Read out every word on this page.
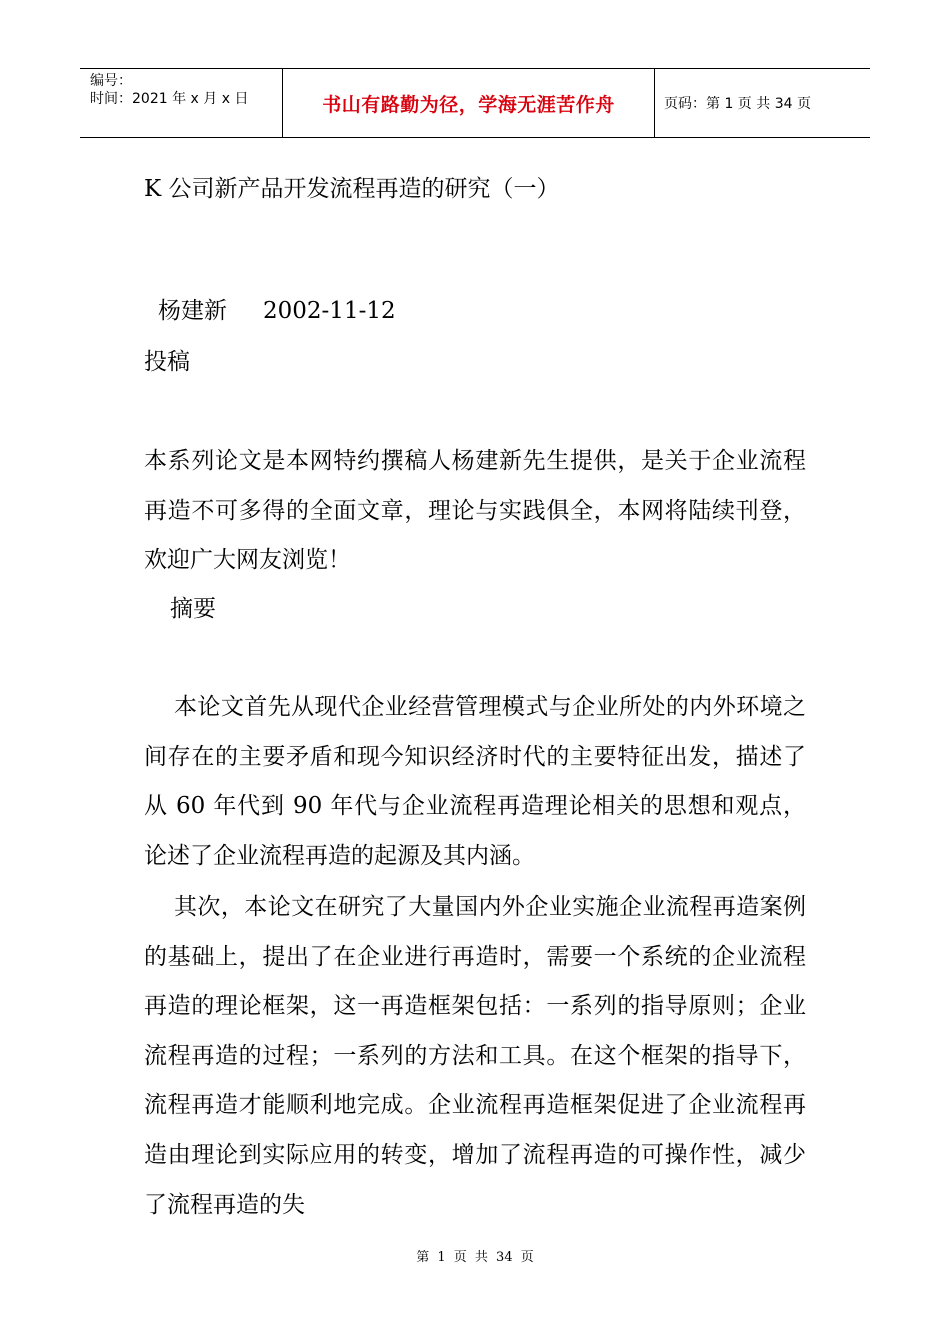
编号：
时间：2021 年 x 月 x 日	书山有路勤为径，学海无涯苦作舟	页码：第 1 页 共 34 页
K 公司新产品开发流程再造的研究（一）
杨建新 2002-11-12
投稿

本系列论文是本网特约撰稿人杨建新先生提供，是关于企业流程再造不可多得的全面文章，理论与实践俱全，本网将陆续刊登，欢迎广大网友浏览！

摘要

本论文首先从现代企业经营管理模式与企业所处的内外环境之间存在的主要矛盾和现今知识经济时代的主要特征出发，描述了从 60 年代到 90 年代与企业流程再造理论相关的思想和观点，论述了企业流程再造的起源及其内涵。

其次，本论文在研究了大量国内外企业实施企业流程再造案例的基础上，提出了在企业进行再造时，需要一个系统的企业流程再造的理论框架，这一再造框架包括：一系列的指导原则；企业流程再造的过程；一系列的方法和工具。在这个框架的指导下，流程再造才能顺利地完成。企业流程再造框架促进了企业流程再造由理论到实际应用的转变，增加了流程再造的可操作性，减少了流程再造的失

第 1 页 共 34 页
